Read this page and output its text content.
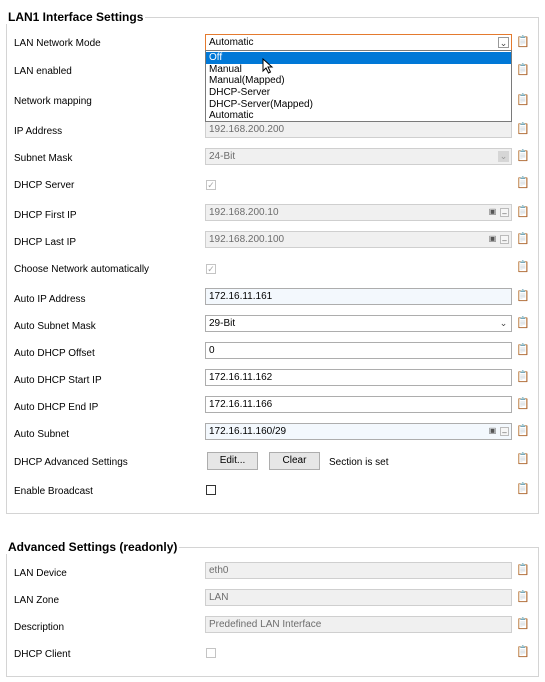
LAN1 Interface Settings
LAN Network Mode	Automatic	⌄ 📋
Off
Manual
Manual(Mapped)
DHCP-Server
DHCP-Server(Mapped)
Automatic
LAN enabled	📋
Network mapping	📋
IP Address	192.168.200.200	📋
Subnet Mask	24-Bit	⌄ 📋
DHCP Server	✓	📋
DHCP First IP	192.168.200.10	▣ – 📋
DHCP Last IP	192.168.200.100	▣ – 📋
Choose Network automatically	✓	📋
Auto IP Address	172.16.11.161	📋
Auto Subnet Mask	29-Bit	⌄ 📋
Auto DHCP Offset	0	📋
Auto DHCP Start IP	172.16.11.162	📋
Auto DHCP End IP	172.16.11.166	📋
Auto Subnet	172.16.11.160/29	▣ – 📋
DHCP Advanced Settings	Edit...	Clear	Section is set	📋
Enable Broadcast	📋
Advanced Settings (readonly)
LAN Device	eth0	📋
LAN Zone	LAN	📋
Description	Predefined LAN Interface	📋
DHCP Client	📋
